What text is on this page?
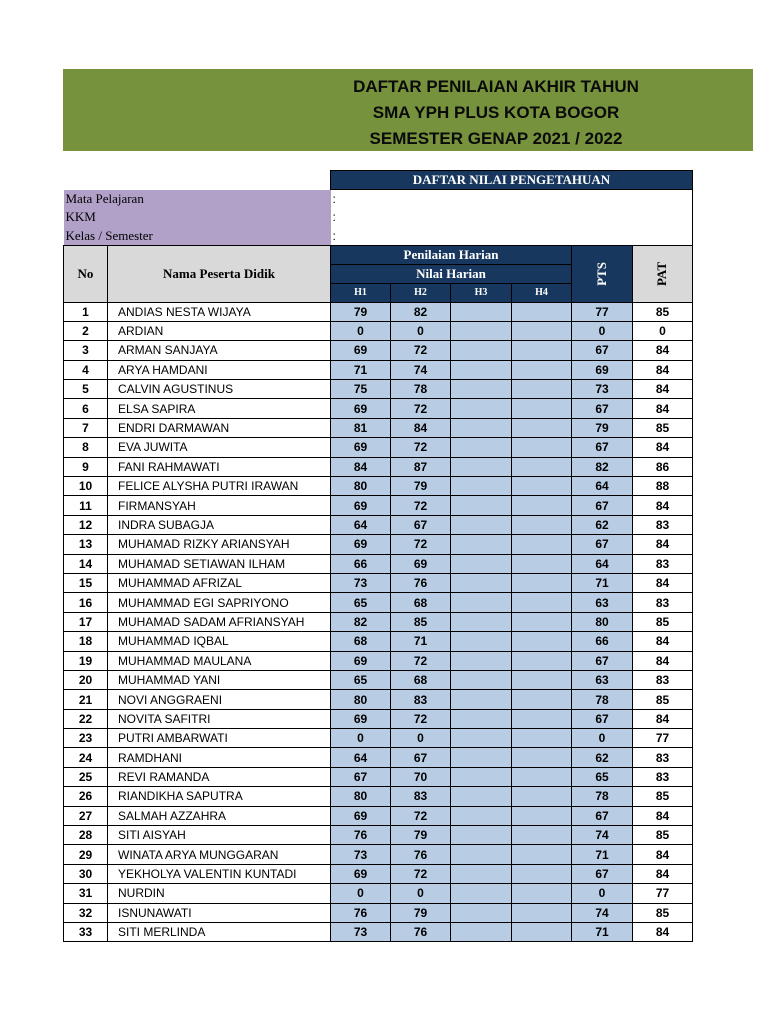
DAFTAR PENILAIAN AKHIR TAHUN
SMA YPH PLUS KOTA BOGOR
SEMESTER GENAP 2021 / 2022
		DAFTAR NILAI PENGETAHUAN					
Mata Pelajaran		:					
KKM		:					
Kelas / Semester		:					
No	Nama Peserta Didik	Penilaian Harian				PTS	PAT
		Nilai Harian					
		H1	H2	H3	H4		
1	ANDIAS NESTA WIJAYA	79	82			77	85
2	ARDIAN	0	0			0	0
3	ARMAN SANJAYA	69	72			67	84
4	ARYA HAMDANI	71	74			69	84
5	CALVIN AGUSTINUS	75	78			73	84
6	ELSA SAPIRA	69	72			67	84
7	ENDRI DARMAWAN	81	84			79	85
8	EVA JUWITA	69	72			67	84
9	FANI RAHMAWATI	84	87			82	86
10	FELICE ALYSHA PUTRI IRAWAN	80	79			64	88
11	FIRMANSYAH	69	72			67	84
12	INDRA SUBAGJA	64	67			62	83
13	MUHAMAD RIZKY ARIANSYAH	69	72			67	84
14	MUHAMAD SETIAWAN ILHAM	66	69			64	83
15	MUHAMMAD AFRIZAL	73	76			71	84
16	MUHAMMAD EGI SAPRIYONO	65	68			63	83
17	MUHAMAD SADAM AFRIANSYAH	82	85			80	85
18	MUHAMMAD IQBAL	68	71			66	84
19	MUHAMMAD MAULANA	69	72			67	84
20	MUHAMMAD YANI	65	68			63	83
21	NOVI ANGGRAENI	80	83			78	85
22	NOVITA SAFITRI	69	72			67	84
23	PUTRI AMBARWATI	0	0			0	77
24	RAMDHANI	64	67			62	83
25	REVI RAMANDA	67	70			65	83
26	RIANDIKHA SAPUTRA	80	83			78	85
27	SALMAH AZZAHRA	69	72			67	84
28	SITI AISYAH	76	79			74	85
29	WINATA ARYA MUNGGARAN	73	76			71	84
30	YEKHOLYA VALENTIN KUNTADI	69	72			67	84
31	NURDIN	0	0			0	77
32	ISNUNAWATI	76	79			74	85
33	SITI MERLINDA	73	76			71	84
